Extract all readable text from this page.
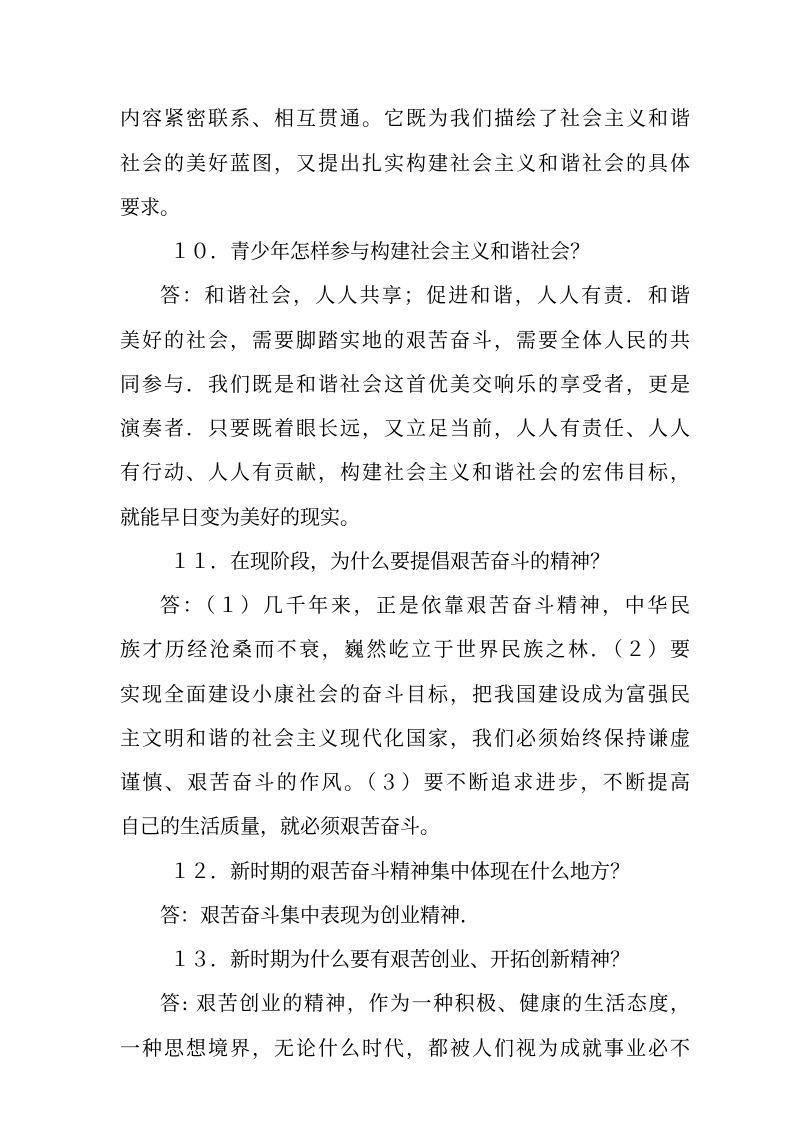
内容紧密联系、相互贯通。它既为我们描绘了社会主义和谐
社会的美好蓝图，又提出扎实构建社会主义和谐社会的具体
要求。
１０．青少年怎样参与构建社会主义和谐社会？
答：和谐社会，人人共享；促进和谐，人人有责．和谐
美好的社会，需要脚踏实地的艰苦奋斗，需要全体人民的共
同参与．我们既是和谐社会这首优美交响乐的享受者，更是
演奏者．只要既着眼长远，又立足当前，人人有责任、人人
有行动、人人有贡献，构建社会主义和谐社会的宏伟目标，
就能早日变为美好的现实。
１１．在现阶段，为什么要提倡艰苦奋斗的精神？
答：（１）几千年来，正是依靠艰苦奋斗精神，中华民
族才历经沧桑而不衰，巍然屹立于世界民族之林．（２）要
实现全面建设小康社会的奋斗目标，把我国建设成为富强民
主文明和谐的社会主义现代化国家，我们必须始终保持谦虚
谨慎、艰苦奋斗的作风。（３）要不断追求进步，不断提高
自己的生活质量，就必须艰苦奋斗。
１２．新时期的艰苦奋斗精神集中体现在什么地方？
答：艰苦奋斗集中表现为创业精神．
１３．新时期为什么要有艰苦创业、开拓创新精神？
答: 艰苦创业的精神，作为一种积极、健康的生活态度，
一种思想境界，无论什么时代，都被人们视为成就事业必不
